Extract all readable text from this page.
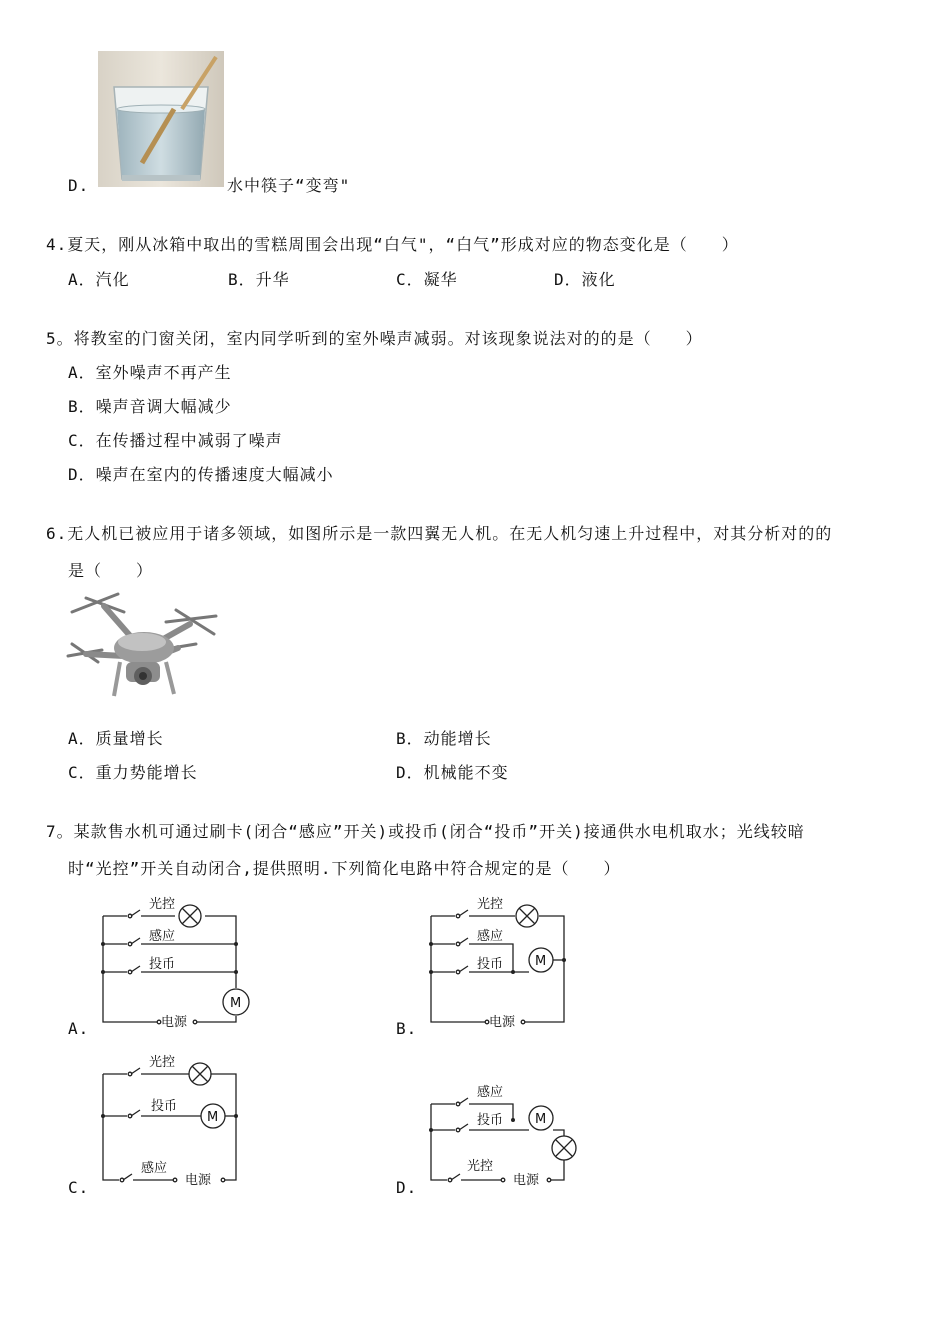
D.	水中筷子“变弯"
4.夏天，刚从冰箱中取出的雪糕周围会出现“白气"，“白气”形成对应的物态变化是（　　）
A．汽化	B．升华	C．凝华	D．液化
5。将教室的门窗关闭，室内同学听到的室外噪声减弱。对该现象说法对的的是（　　）
A．室外噪声不再产生
B．噪声音调大幅减少
C．在传播过程中减弱了噪声
D．噪声在室内的传播速度大幅减小
6.无人机已被应用于诸多领域，如图所示是一款四翼无人机。在无人机匀速上升过程中，对其分析对的的
是（　　）
A．质量增长	B．动能增长
C．重力势能增长	D．机械能不变
7。某款售水机可通过刷卡(闭合“感应”开关)或投币(闭合“投币”开关)接通供水电机取水；光线较暗
时“光控”开关自动闭合,提供照明.下列简化电路中符合规定的是（　　）
光控
感应
投币
电源
M
A.
光控
感应
投币
电源
M
B.
光控
投币
感应
电源
M
C.
感应
投币
光控
电源
M
D.
